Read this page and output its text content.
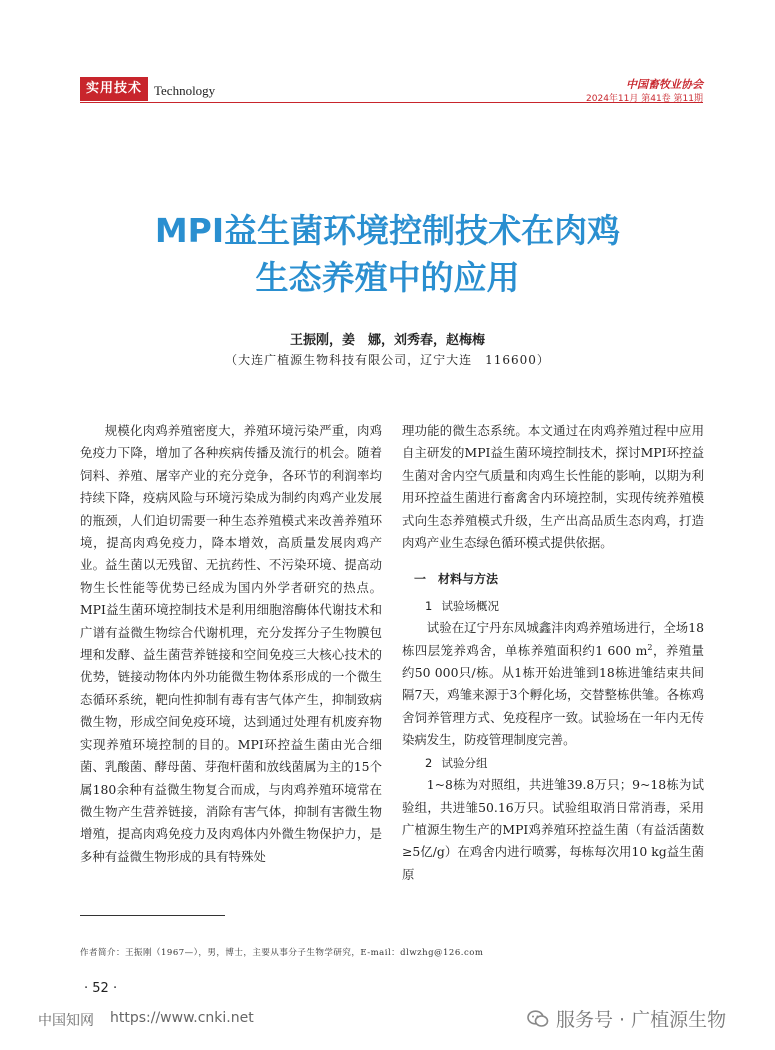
实用技术 Technology	中国畜牧业协会
2024年11月 第41卷 第11期
MPI益生菌环境控制技术在肉鸡
生态养殖中的应用
王振刚，姜　娜，刘秀春，赵梅梅
（大连广植源生物科技有限公司，辽宁大连　116600）

规模化肉鸡养殖密度大，养殖环境污染严重，肉鸡免疫力下降，增加了各种疾病传播及流行的机会。随着饲料、养殖、屠宰产业的充分竞争，各环节的利润率均持续下降，疫病风险与环境污染成为制约肉鸡产业发展的瓶颈，人们迫切需要一种生态养殖模式来改善养殖环境，提高肉鸡免疫力，降本增效，高质量发展肉鸡产业。益生菌以无残留、无抗药性、不污染环境、提高动物生长性能等优势已经成为国内外学者研究的热点。MPI益生菌环境控制技术是利用细胞溶酶体代谢技术和广谱有益微生物综合代谢机理，充分发挥分子生物膜包埋和发酵、益生菌营养链接和空间免疫三大核心技术的优势，链接动物体内外功能微生物体系形成的一个微生态循环系统，靶向性抑制有毒有害气体产生，抑制致病微生物，形成空间免疫环境，达到通过处理有机废弃物实现养殖环境控制的目的。MPI环控益生菌由光合细菌、乳酸菌、酵母菌、芽孢杆菌和放线菌属为主的15个属180余种有益微生物复合而成，与肉鸡养殖环境常在微生物产生营养链接，消除有害气体，抑制有害微生物增殖，提高肉鸡免疫力及肉鸡体内外微生物保护力，是多种有益微生物形成的具有特殊处

理功能的微生态系统。本文通过在肉鸡养殖过程中应用自主研发的MPI益生菌环境控制技术，探讨MPI环控益生菌对舍内空气质量和肉鸡生长性能的影响，以期为利用环控益生菌进行畜禽舍内环境控制，实现传统养殖模式向生态养殖模式升级，生产出高品质生态肉鸡，打造肉鸡产业生态绿色循环模式提供依据。

一　材料与方法

1 试验场概况

试验在辽宁丹东凤城鑫沣肉鸡养殖场进行，全场18栋四层笼养鸡舍，单栋养殖面积约1 600 $m^2$，养殖量约50 000只/栋。从1栋开始进雏到18栋进雏结束共间隔7天，鸡雏来源于3个孵化场，交替整栋供雏。各栋鸡舍饲养管理方式、免疫程序一致。试验场在一年内无传染病发生，防疫管理制度完善。

2 试验分组

1~8栋为对照组，共进雏39.8万只；9~18栋为试验组，共进雏50.16万只。试验组取消日常消毒，采用广植源生物生产的MPI鸡养殖环控益生菌（有益活菌数≥5亿/g）在鸡舍内进行喷雾，每栋每次用10 kg益生菌原

作者简介：王振刚（1967—），男，博士，主要从事分子生物学研究，E-mail：dlwzhg@126.com
· 52 ·
中国知网 https://www.cnki.net	服务号 · 广植源生物
